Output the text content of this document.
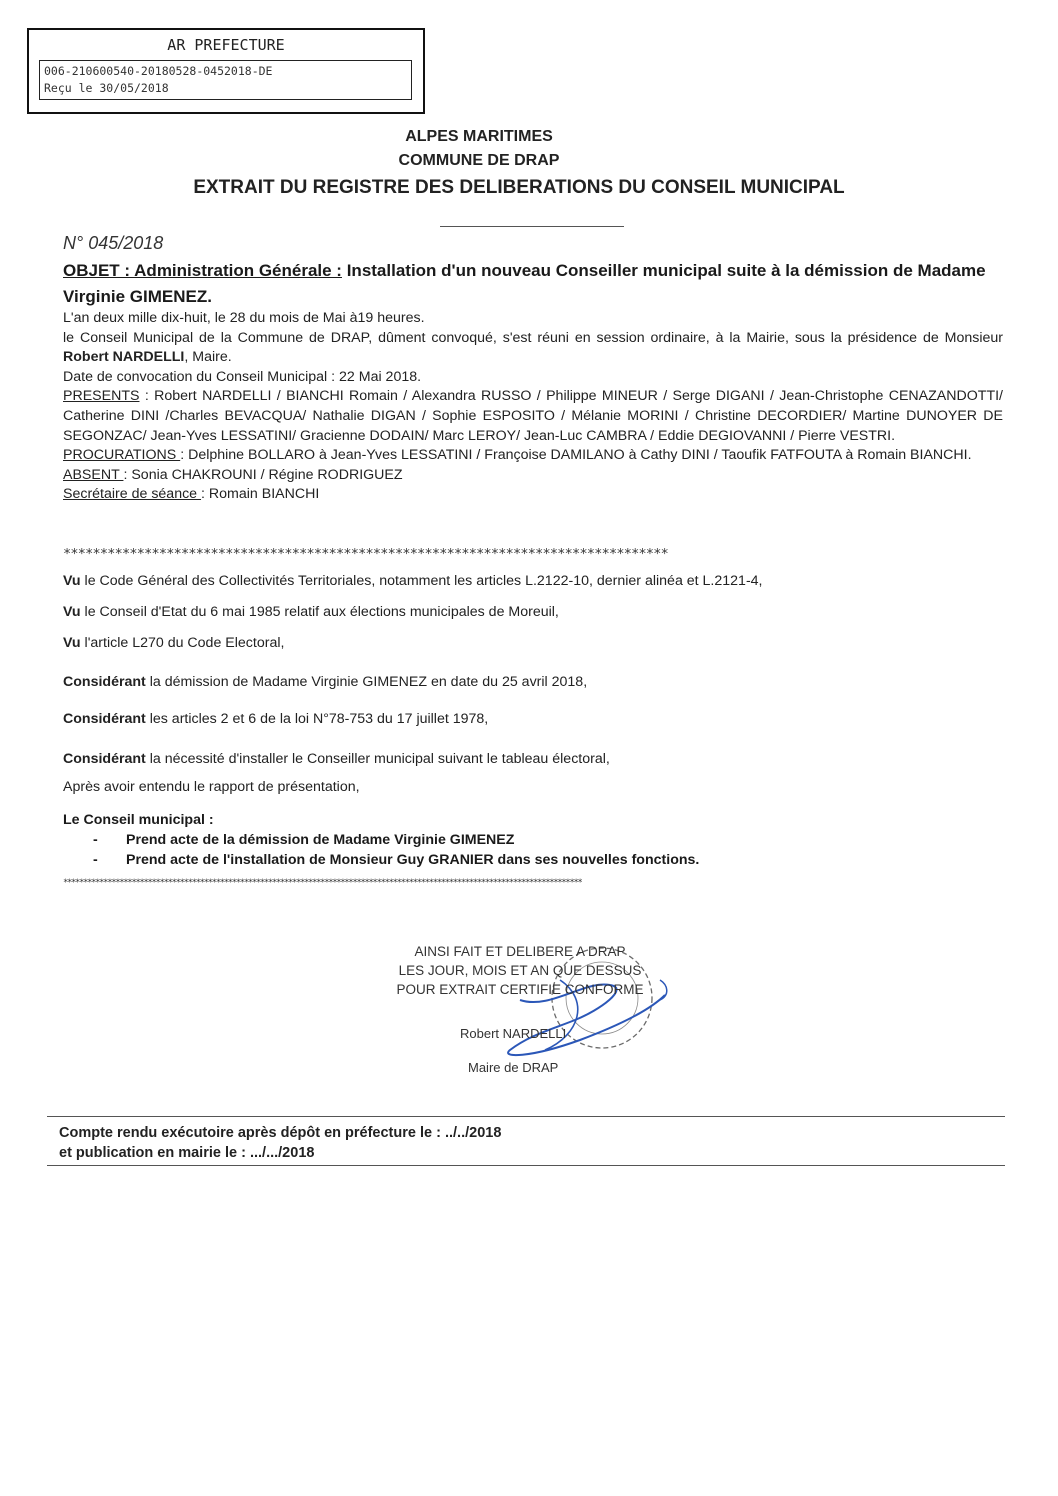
AR PREFECTURE
006-210600540-20180528-0452018-DE
Reçu le 30/05/2018
ALPES MARITIMES
COMMUNE DE DRAP
EXTRAIT DU REGISTRE DES DELIBERATIONS DU CONSEIL MUNICIPAL
N° 045/2018
OBJET : Administration Générale : Installation d'un nouveau Conseiller municipal suite à la démission de Madame Virginie GIMENEZ.
L'an deux mille dix-huit, le 28 du mois de Mai à19 heures.
le Conseil Municipal de la Commune de DRAP, dûment convoqué, s'est réuni en session ordinaire, à la Mairie, sous la présidence de Monsieur Robert NARDELLI, Maire.
Date de convocation du Conseil Municipal : 22 Mai 2018.
PRESENTS : Robert NARDELLI / BIANCHI Romain / Alexandra RUSSO / Philippe MINEUR / Serge DIGANI / Jean-Christophe CENAZANDOTTI/ Catherine DINI /Charles BEVACQUA/ Nathalie DIGAN / Sophie ESPOSITO / Mélanie MORINI / Christine DECORDIER/ Martine DUNOYER DE SEGONZAC/ Jean-Yves LESSATINI/ Gracienne DODAIN/ Marc LEROY/ Jean-Luc CAMBRA / Eddie DEGIOVANNI / Pierre VESTRI.
PROCURATIONS : Delphine BOLLARO à Jean-Yves LESSATINI / Françoise DAMILANO à Cathy DINI / Taoufik FATFOUTA à Romain BIANCHI.
ABSENT : Sonia CHAKROUNI / Régine RODRIGUEZ
Secrétaire de séance : Romain BIANCHI
**********************************************************************************
Vu le Code Général des Collectivités Territoriales, notamment les articles L.2122-10, dernier alinéa et L.2121-4,
Vu le Conseil d'Etat du 6 mai 1985 relatif aux élections municipales de Moreuil,
Vu l'article L270 du Code Electoral,
Considérant la démission de Madame Virginie GIMENEZ en date du 25 avril 2018,
Considérant les articles 2 et 6 de la loi N°78-753 du 17 juillet 1978,
Considérant la nécessité d'installer le Conseiller municipal suivant le tableau électoral,
Après avoir entendu le rapport de présentation,
Le Conseil municipal :
- Prend acte de la démission de Madame Virginie GIMENEZ
- Prend acte de l'installation de Monsieur Guy GRANIER dans ses nouvelles fonctions.
*********************************************************************************************************************************
AINSI FAIT ET DELIBERE A DRAP
LES JOUR, MOIS ET AN QUE DESSUS
POUR EXTRAIT CERTIFIE CONFORME
Robert NARDELLI
Maire de DRAP
Compte rendu exécutoire après dépôt en préfecture le : ../../2018
et publication en mairie le : .../.../2018
